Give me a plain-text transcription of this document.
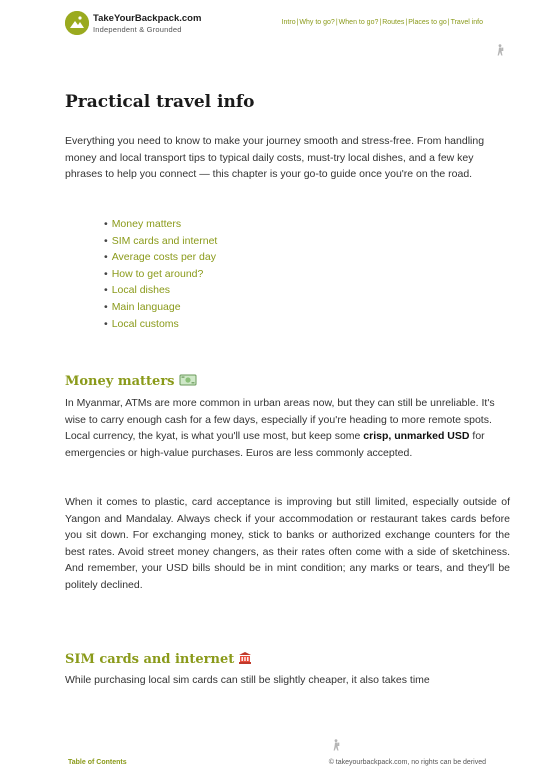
TakeYourBackpack.com
Independent & Grounded
Intro|Why to go?|When to go?|Routes|Places to go|Travel info
Practical travel info

Everything you need to know to make your journey smooth and stress-free. From handling money and local transport tips to typical daily costs, must-try local dishes, and a few key phrases to help you connect — this chapter is your go-to guide once you're on the road.

• Money matters
• SIM cards and internet
• Average costs per day
• How to get around?
• Local dishes
• Main language
• Local customs
Money matters

In Myanmar, ATMs are more common in urban areas now, but they can still be unreliable. It's wise to carry enough cash for a few days, especially if you're heading to more remote spots. Local currency, the kyat, is what you'll use most, but keep some crisp, unmarked USD for emergencies or high-value purchases. Euros are less commonly accepted.

When it comes to plastic, card acceptance is improving but still limited, especially outside of Yangon and Mandalay. Always check if your accommodation or restaurant takes cards before you sit down. For exchanging money, stick to banks or authorized exchange counters for the best rates. Avoid street money changers, as their rates often come with a side of sketchiness. And remember, your USD bills should be in mint condition; any marks or tears, and they'll be politely declined.

SIM cards and internet

While purchasing local sim cards can still be slightly cheaper, it also takes time

Table of Contents	© takeyourbackpack.com, no rights can be derived
